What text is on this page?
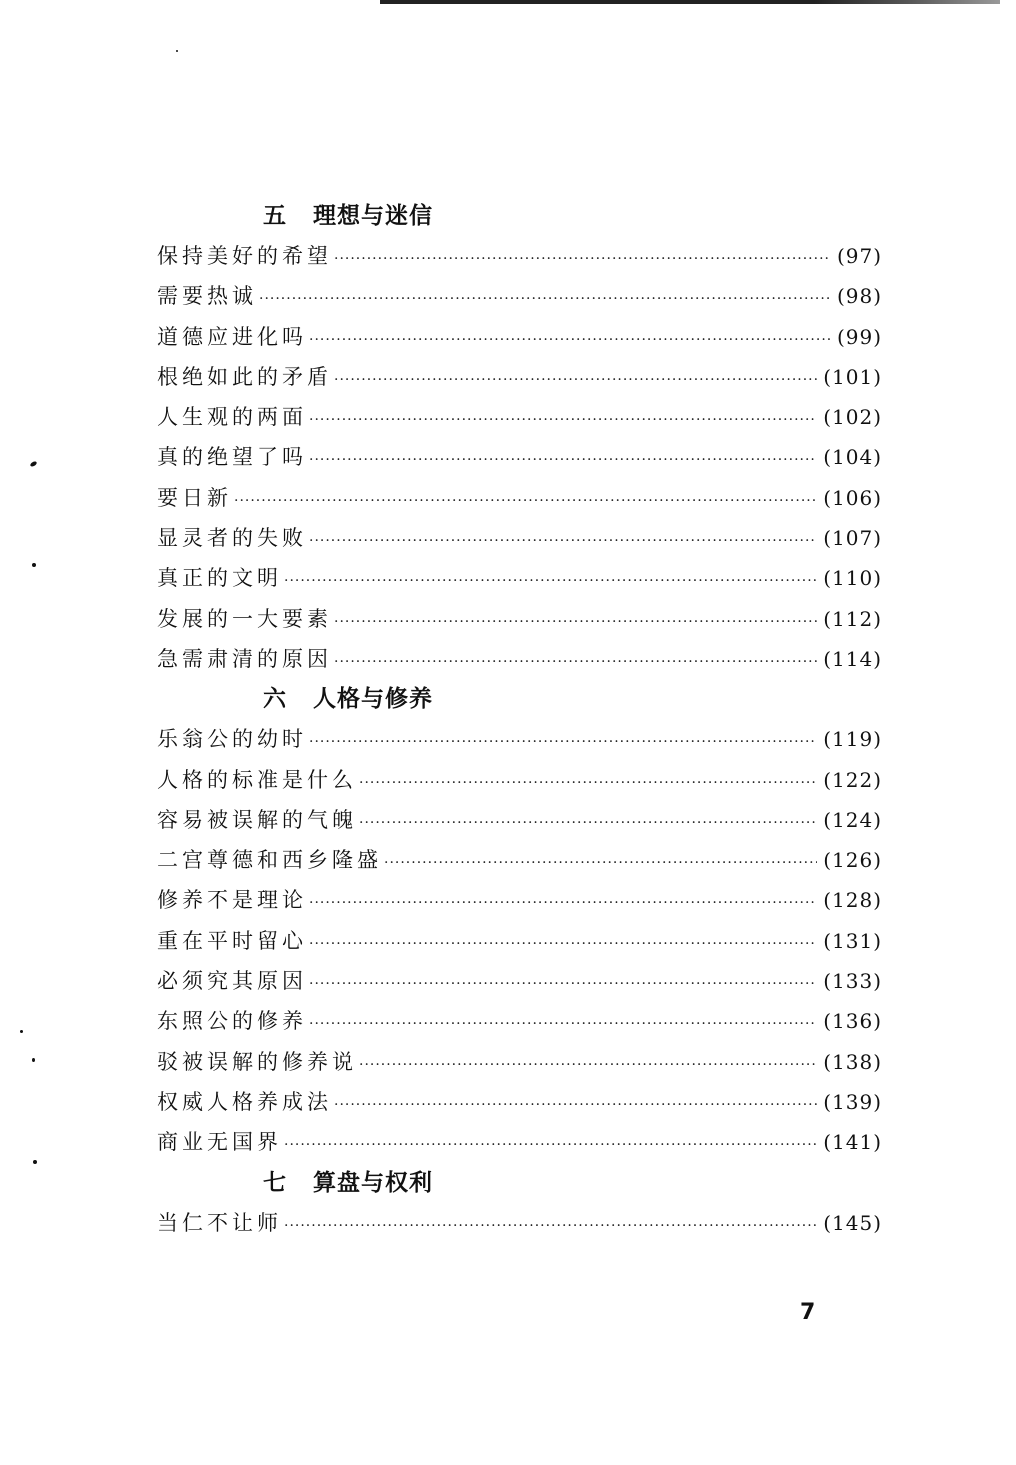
五 理想与迷信
保持美好的希望 ·····	(97)
需要热诚 ·····	(98)
道德应进化吗 ·····	(99)
根绝如此的矛盾 ·····	(101)
人生观的两面 ·····	(102)
真的绝望了吗 ·····	(104)
要日新 ·····	(106)
显灵者的失败 ·····	(107)
真正的文明 ·····	(110)
发展的一大要素 ·····	(112)
急需肃清的原因 ·····	(114)
六 人格与修养
乐翁公的幼时 ·····	(119)
人格的标准是什么 ·····	(122)
容易被误解的气魄 ·····	(124)
二宫尊德和西乡隆盛 ·····	(126)
修养不是理论 ·····	(128)
重在平时留心 ·····	(131)
必须究其原因 ·····	(133)
东照公的修养 ·····	(136)
驳被误解的修养说 ·····	(138)
权威人格养成法 ·····	(139)
商业无国界 ·····	(141)
七 算盘与权利
当仁不让师 ·····	(145)
7
